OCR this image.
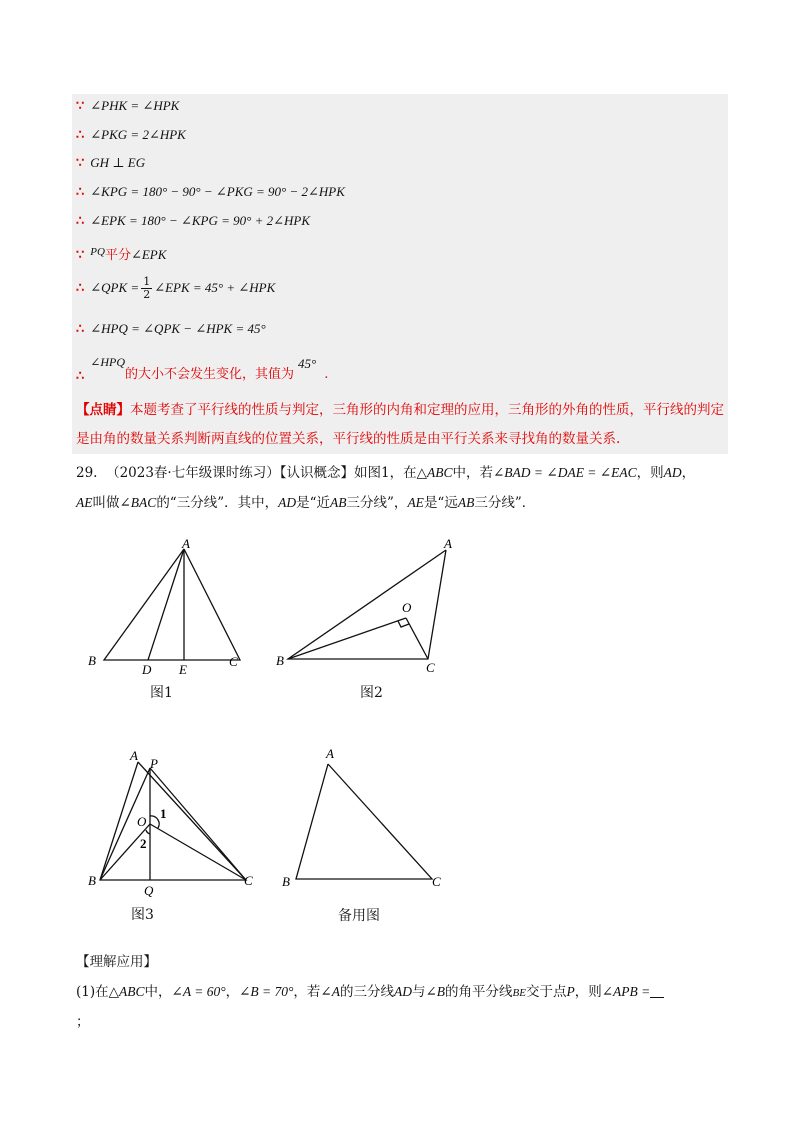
∵ ∠PHK = ∠HPK
∴ ∠PKG = 2∠HPK
∵ GH ⊥ EG
∴ ∠KPG = 180° − 90° − ∠PKG = 90° − 2∠HPK
∴ ∠EPK = 180° − ∠KPG = 90° + 2∠HPK
∵ $^{PQ}$平分∠EPK
∴ ∠QPK = $\frac{1}{2}$ ∠EPK = 45° + ∠HPK
∴ ∠HPQ = ∠QPK − ∠HPK = 45°
∴∠HPQ的大小不会发生变化，其值为45°.
【点睛】本题考查了平行线的性质与判定，三角形的内角和定理的应用，三角形的外角的性质，平行线的判定是由角的数量关系判断两直线的位置关系，平行线的性质是由平行关系来寻找角的数量关系.
29. （2023春·七年级课时练习）【认识概念】如图1，在△ABC中，若∠BAD = ∠DAE = ∠EAC，则AD，
AE叫做∠BAC的“三分线”．其中，AD是“近AB三分线”，AE是“远AB三分线”．
A
B	C
D E
图1
A
B	C
O
图2
A
P
O
1
2
B	C
Q
图3
A
B	C
备用图
【理解应用】
(1)在△ABC中，∠A = 60°，∠B = 70°，若∠A的三分线AD与∠B的角平分线BE交于点P，则∠APB =
；
